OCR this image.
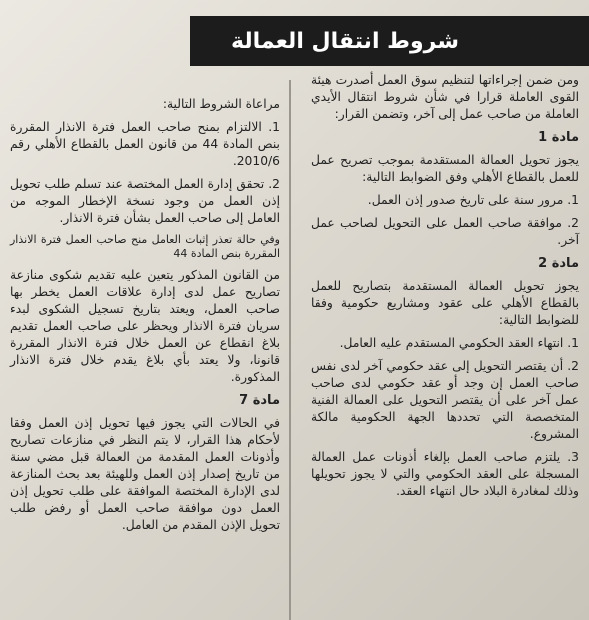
شروط انتقال العمالة

ومن ضمن إجراءاتها لتنظيم سوق العمل أصدرت هيئة القوى العاملة قرارا في شأن شروط انتقال الأيدي العاملة من صاحب عمل إلى آخر، وتضمن القرار:

مادة 1

يجوز تحويل العمالة المستقدمة بموجب تصريح عمل للعمل بالقطاع الأهلي وفق الضوابط التالية:

1. مرور سنة على تاريخ صدور إذن العمل.

2. موافقة صاحب العمل على التحويل لصاحب عمل آخر.

مادة 2

يجوز تحويل العمالة المستقدمة بتصاريح للعمل بالقطاع الأهلي على عقود ومشاريع حكومية وفقا للضوابط التالية:

1. انتهاء العقد الحكومي المستقدم عليه العامل.

2. أن يقتصر التحويل إلى عقد حكومي آخر لدى نفس صاحب العمل إن وجد أو عقد حكومي لدى صاحب عمل آخر على أن يقتصر التحويل على العمالة الفنية المتخصصة التي تحددها الجهة الحكومية مالكة المشروع.

3. يلتزم صاحب العمل بإلغاء أذونات عمل العمالة المسجلة على العقد الحكومي والتي لا يجوز تحويلها وذلك لمغادرة البلاد حال انتهاء العقد.

مراعاة الشروط التالية:

1. الالتزام بمنح صاحب العمل فترة الانذار المقررة بنص المادة 44 من قانون العمل بالقطاع الأهلي رقم 2010/6.

2. تحقق إدارة العمل المختصة عند تسلم طلب تحويل إذن العمل من وجود نسخة الإخطار الموجه من العامل إلى صاحب العمل بشأن فترة الانذار.

وفي حالة تعذر إثبات العامل منح صاحب العمل فترة الانذار المقررة بنص المادة 44

من القانون المذكور يتعين عليه تقديم شكوى منازعة تصاريح عمل لدى إدارة علاقات العمل يخطر بها صاحب العمل، ويعتد بتاريخ تسجيل الشكوى لبدء سريان فترة الانذار ويحظر على صاحب العمل تقديم بلاغ انقطاع عن العمل خلال فترة الانذار المقررة قانونا، ولا يعتد بأي بلاغ يقدم خلال فترة الانذار المذكورة.

مادة 7

في الحالات التي يجوز فيها تحويل إذن العمل وفقا لأحكام هذا القرار، لا يتم النظر في منازعات تصاريح وأذونات العمل المقدمة من العمالة قبل مضي سنة من تاريخ إصدار إذن العمل وللهيئة بعد بحث المنازعة لدى الإدارة المختصة الموافقة على طلب تحويل إذن العمل دون موافقة صاحب العمل أو رفض طلب تحويل الإذن المقدم من العامل.
